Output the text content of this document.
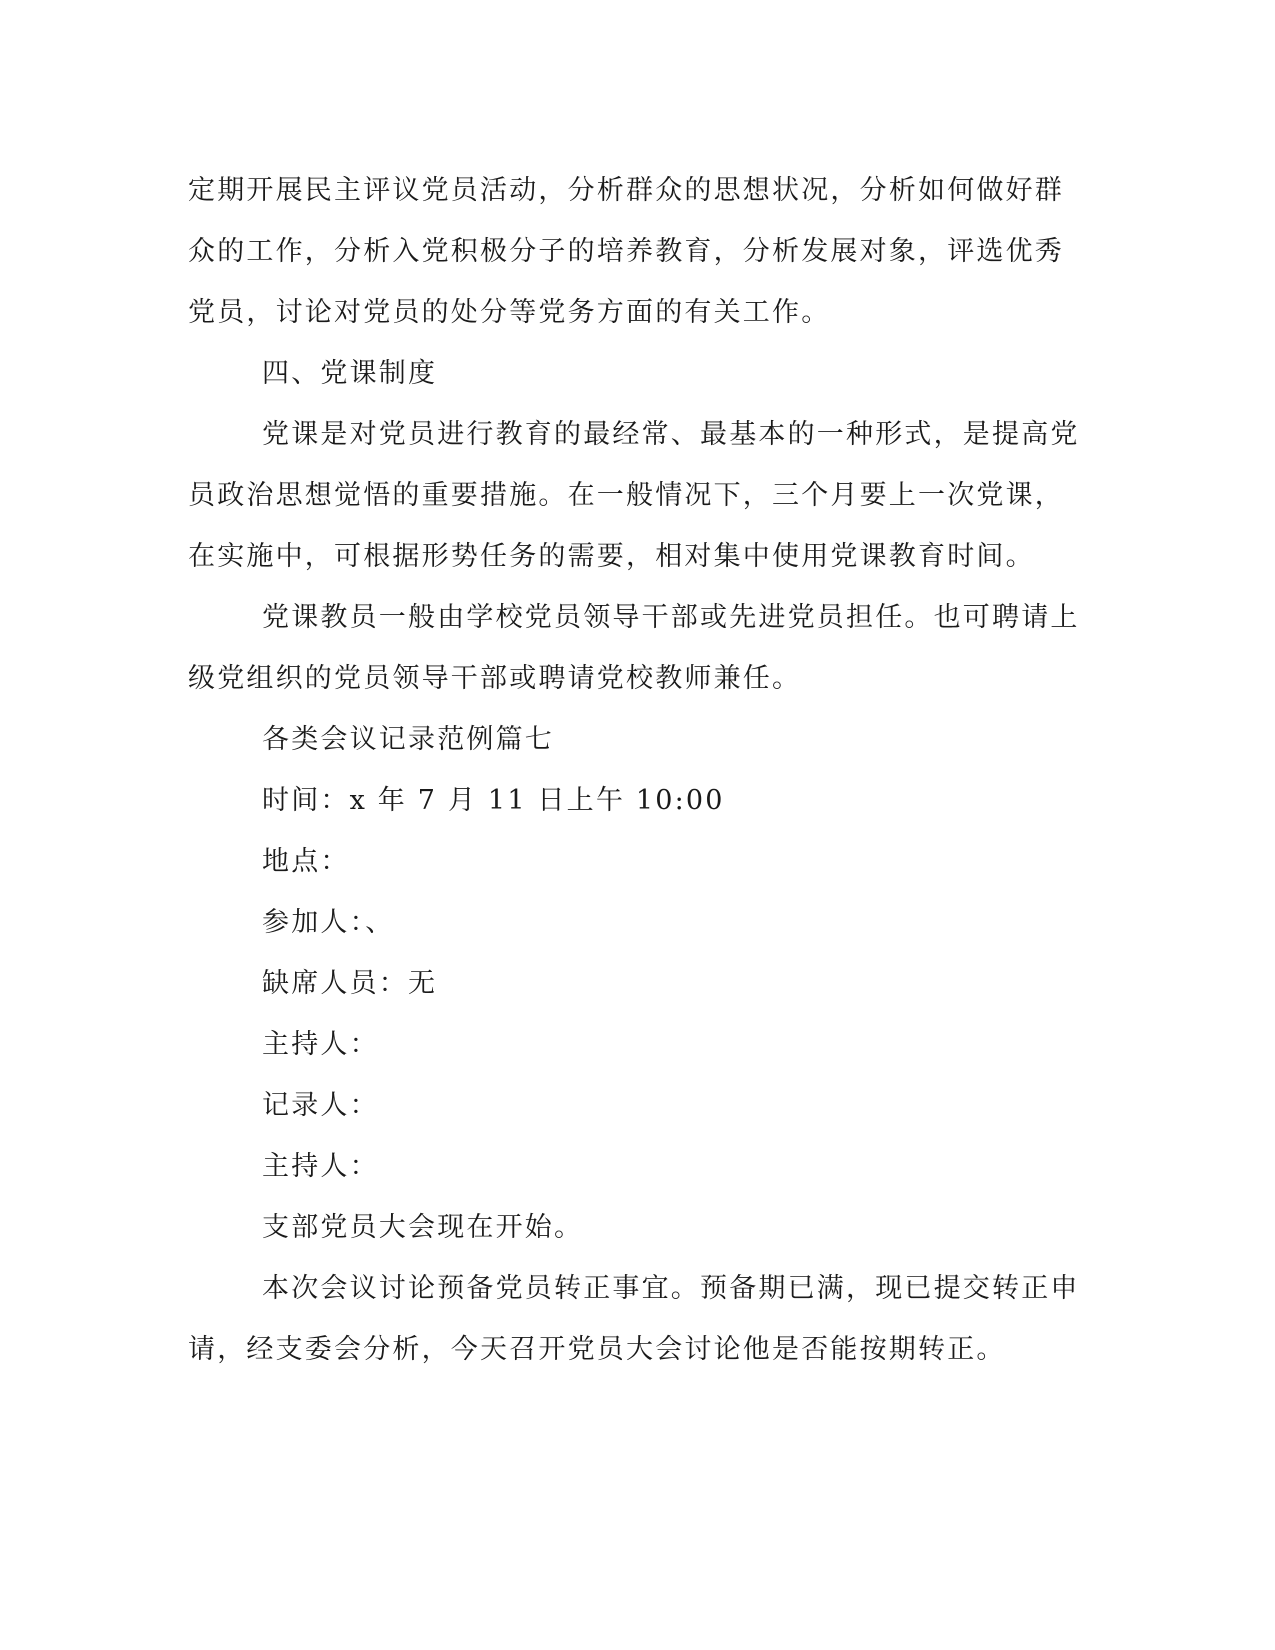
定期开展民主评议党员活动，分析群众的思想状况，分析如何做好群
众的工作，分析入党积极分子的培养教育，分析发展对象，评选优秀
党员，讨论对党员的处分等党务方面的有关工作。
四、党课制度
党课是对党员进行教育的最经常、最基本的一种形式，是提高党
员政治思想觉悟的重要措施。在一般情况下，三个月要上一次党课，
在实施中，可根据形势任务的需要，相对集中使用党课教育时间。
党课教员一般由学校党员领导干部或先进党员担任。也可聘请上
级党组织的党员领导干部或聘请党校教师兼任。
各类会议记录范例篇七
时间：x 年 7 月 11 日上午 10:00
地点：
参加人：、
缺席人员：无
主持人：
记录人：
主持人：
支部党员大会现在开始。
本次会议讨论预备党员转正事宜。预备期已满，现已提交转正申
请，经支委会分析，今天召开党员大会讨论他是否能按期转正。
